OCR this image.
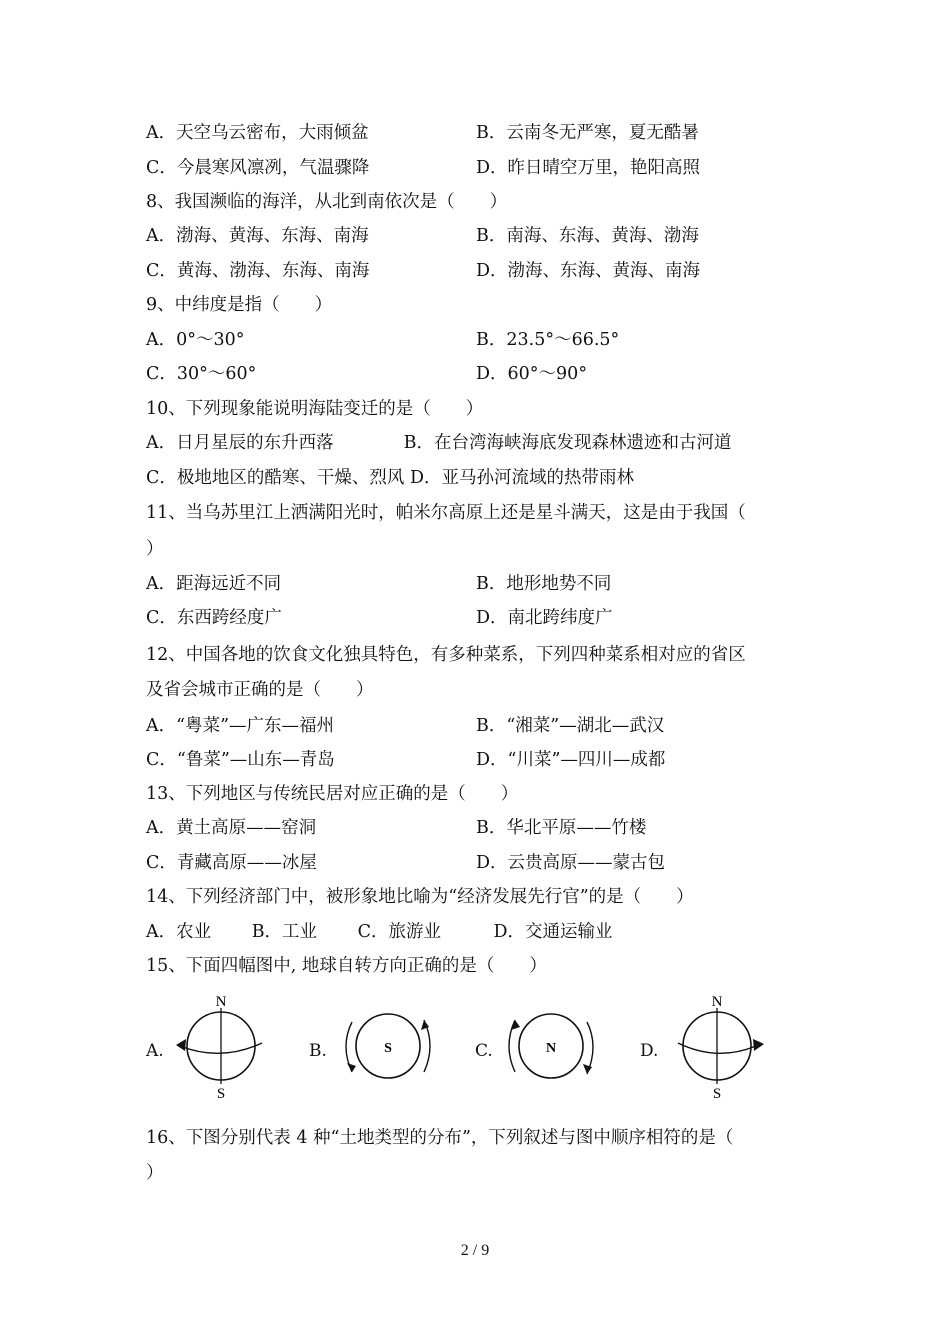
A．天空乌云密布，大雨倾盆	B．云南冬无严寒，夏无酷暑
C．今晨寒风凛冽，气温骤降	D．昨日晴空万里，艳阳高照
8、我国濒临的海洋，从北到南依次是（　　）
A．渤海、黄海、东海、南海	B．南海、东海、黄海、渤海
C．黄海、渤海、东海、南海	D．渤海、东海、黄海、南海
9、中纬度是指（　　）
A．0°～30°	B．23.5°～66.5°
C．30°～60°	D．60°～90°
10、下列现象能说明海陆变迁的是（　　）
A．日月星辰的东升西落　　　　B．在台湾海峡海底发现森林遗迹和古河道
C．极地地区的酷寒、干燥、烈风 D．亚马孙河流域的热带雨林
11、当乌苏里江上洒满阳光时，帕米尔高原上还是星斗满天，这是由于我国（
）
A．距海远近不同	B．地形地势不同
C．东西跨经度广	D．南北跨纬度广
12、中国各地的饮食文化独具特色，有多种菜系，下列四种菜系相对应的省区
及省会城市正确的是（　　）
A．“粤菜”—广东—福州	B．“湘菜”—湖北—武汉
C．“鲁菜”—山东—青岛	D．“川菜”—四川—成都
13、下列地区与传统民居对应正确的是（　　）
A．黄土高原——窑洞	B．华北平原——竹楼
C．青藏高原——冰屋	D．云贵高原——蒙古包
14、下列经济部门中，被形象地比喻为“经济发展先行官”的是（　　）
A．农业　　 B．工业　　 C．旅游业　　　D．交通运输业
15、下面四幅图中, 地球自转方向正确的是（　　）
A.	B.	C.	D.
N
S
S	N
N
S
16、下图分别代表 4 种“土地类型的分布”，下列叙述与图中顺序相符的是（
）
2 / 9
